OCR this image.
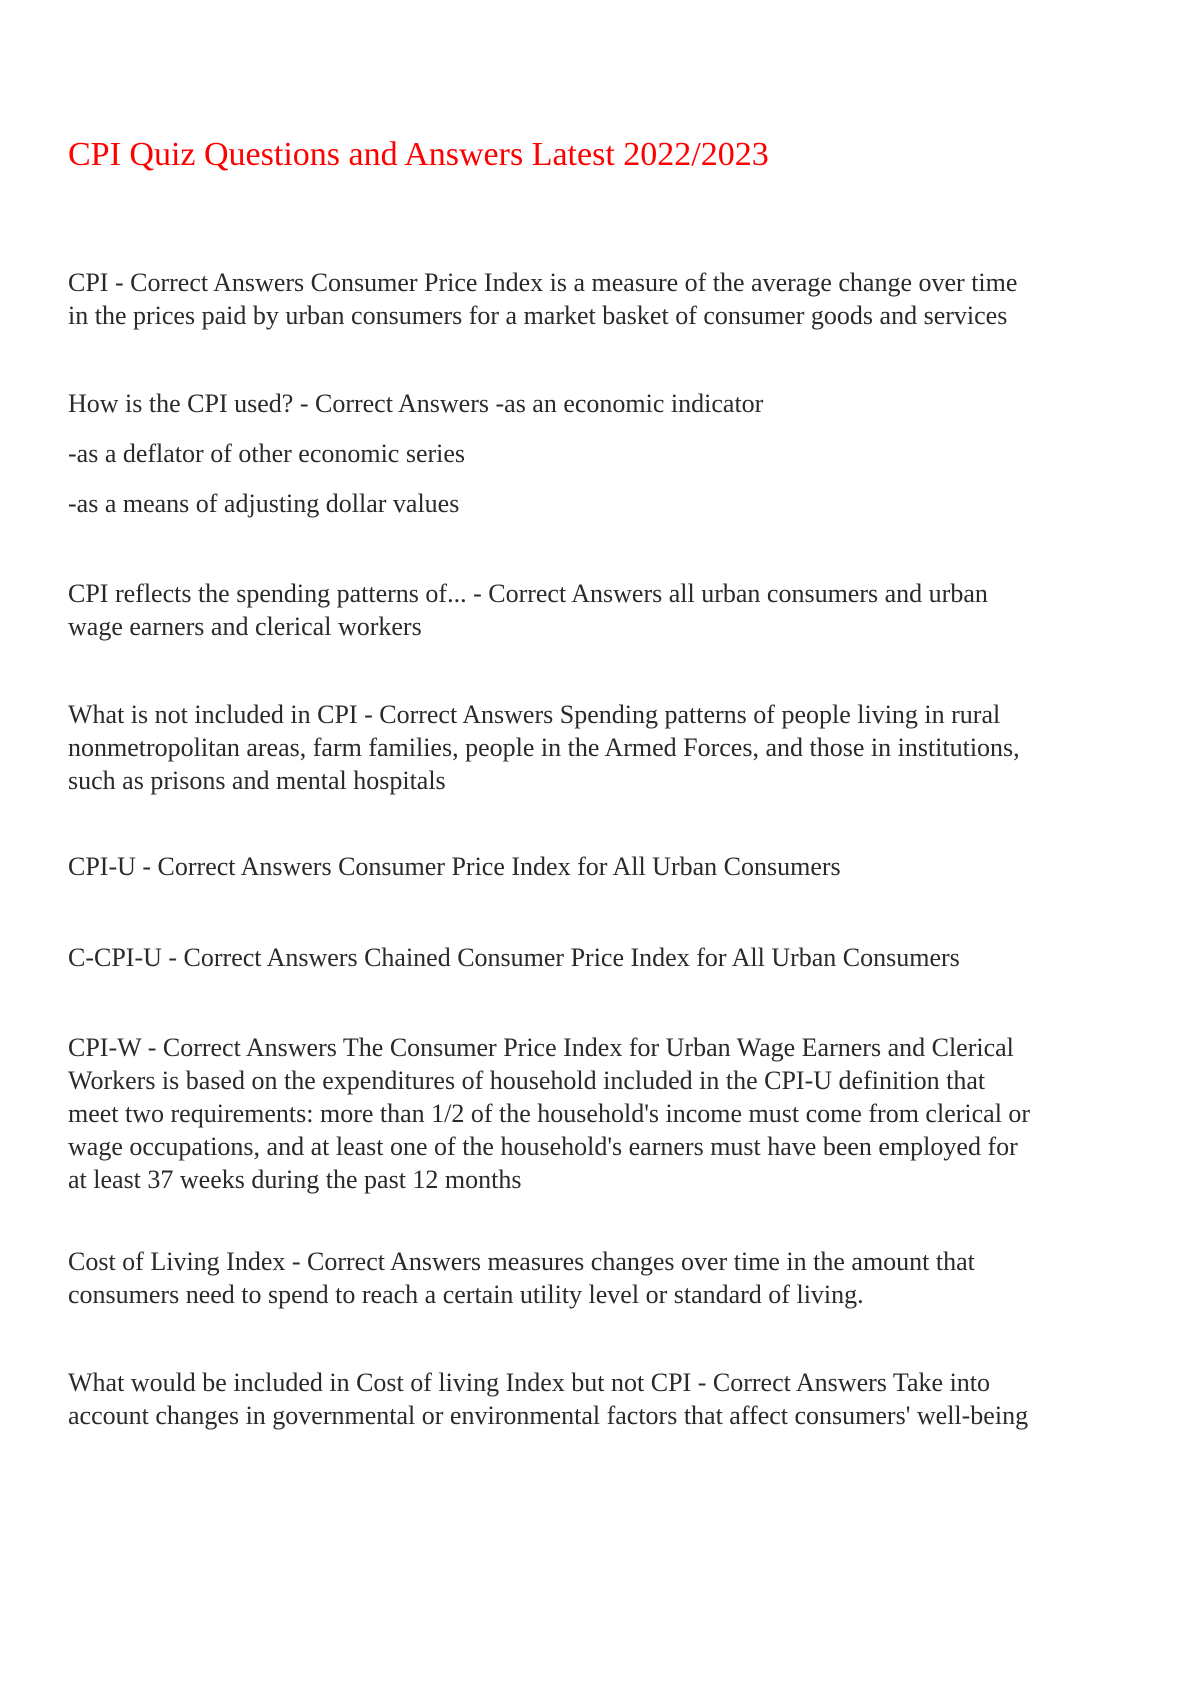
CPI Quiz Questions and Answers Latest 2022/2023

CPI - Correct Answers Consumer Price Index is a measure of the average change over time
in the prices paid by urban consumers for a market basket of consumer goods and services

How is the CPI used? - Correct Answers -as an economic indicator

-as a deflator of other economic series

-as a means of adjusting dollar values

CPI reflects the spending patterns of... - Correct Answers all urban consumers and urban
wage earners and clerical workers

What is not included in CPI - Correct Answers Spending patterns of people living in rural
nonmetropolitan areas, farm families, people in the Armed Forces, and those in institutions,
such as prisons and mental hospitals

CPI-U - Correct Answers Consumer Price Index for All Urban Consumers

C-CPI-U - Correct Answers Chained Consumer Price Index for All Urban Consumers

CPI-W - Correct Answers The Consumer Price Index for Urban Wage Earners and Clerical
Workers is based on the expenditures of household included in the CPI-U definition that
meet two requirements: more than 1/2 of the household's income must come from clerical or
wage occupations, and at least one of the household's earners must have been employed for
at least 37 weeks during the past 12 months

Cost of Living Index - Correct Answers measures changes over time in the amount that
consumers need to spend to reach a certain utility level or standard of living.

What would be included in Cost of living Index but not CPI - Correct Answers Take into
account changes in governmental or environmental factors that affect consumers' well-being
